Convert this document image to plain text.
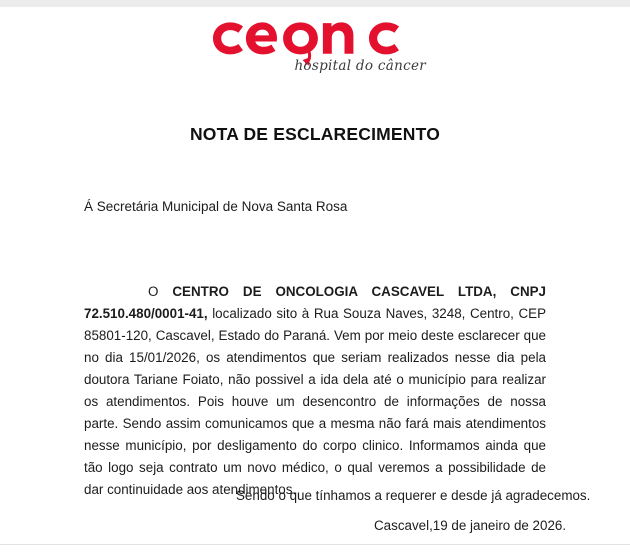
hospital do câncer
NOTA DE ESCLARECIMENTO
Á Secretária Municipal de Nova Santa Rosa

O CENTRO DE ONCOLOGIA CASCAVEL LTDA, CNPJ 72.510.480/0001-41, localizado sito à Rua Souza Naves, 3248, Centro, CEP 85801-120, Cascavel, Estado do Paraná. Vem por meio deste esclarecer que no dia 15/01/2026, os atendimentos que seriam realizados nesse dia pela doutora Tariane Foiato, não possivel a ida dela até o município para realizar os atendimentos. Pois houve um desencontro de informações de nossa parte. Sendo assim comunicamos que a mesma não fará mais atendimentos nesse município, por desligamento do corpo clinico. Informamos ainda que tão logo seja contrato um novo médico, o qual veremos a possibilidade de dar continuidade aos atendimentos.

Sendo o que tínhamos a requerer e desde já agradecemos.
Cascavel,19 de janeiro de 2026.
